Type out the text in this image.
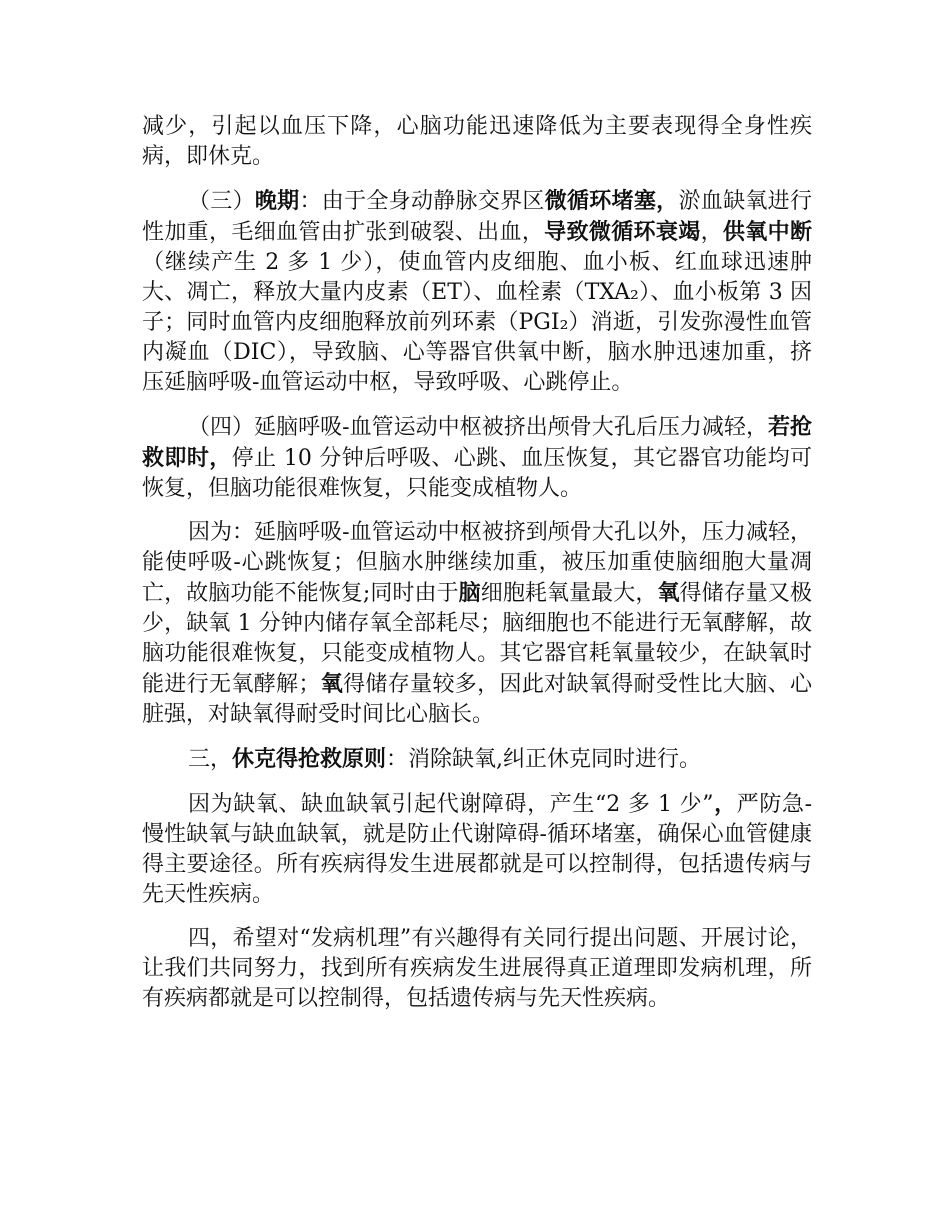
减少，引起以血压下降，心脑功能迅速降低为主要表现得全身性疾病，即休克。

（三）晚期：由于全身动静脉交界区微循环堵塞，淤血缺氧进行性加重，毛细血管由扩张到破裂、出血，导致微循环衰竭，供氧中断（继续产生 2 多 1 少），使血管内皮细胞、血小板、红血球迅速肿大、凋亡，释放大量内皮素（ET）、血栓素（TXA₂）、血小板第 3 因子；同时血管内皮细胞释放前列环素（PGI₂）消逝，引发弥漫性血管内凝血（DIC），导致脑、心等器官供氧中断，脑水肿迅速加重，挤压延脑呼吸-血管运动中枢，导致呼吸、心跳停止。

（四）延脑呼吸-血管运动中枢被挤出颅骨大孔后压力减轻，若抢救即时，停止 10 分钟后呼吸、心跳、血压恢复，其它器官功能均可恢复，但脑功能很难恢复，只能变成植物人。

因为：延脑呼吸-血管运动中枢被挤到颅骨大孔以外，压力减轻，能使呼吸-心跳恢复；但脑水肿继续加重，被压加重使脑细胞大量凋亡，故脑功能不能恢复;同时由于脑细胞耗氧量最大，氧得储存量又极少，缺氧 1 分钟内储存氧全部耗尽；脑细胞也不能进行无氧酵解，故脑功能很难恢复，只能变成植物人。其它器官耗氧量较少，在缺氧时能进行无氧酵解；氧得储存量较多，因此对缺氧得耐受性比大脑、心脏强，对缺氧得耐受时间比心脑长。

三，休克得抢救原则：消除缺氧,纠正休克同时进行。

因为缺氧、缺血缺氧引起代谢障碍，产生“2 多 1 少”，严防急-慢性缺氧与缺血缺氧，就是防止代谢障碍-循环堵塞，确保心血管健康得主要途径。所有疾病得发生进展都就是可以控制得，包括遗传病与先天性疾病。

四，希望对“发病机理”有兴趣得有关同行提出问题、开展讨论，让我们共同努力，找到所有疾病发生进展得真正道理即发病机理，所有疾病都就是可以控制得，包括遗传病与先天性疾病。
